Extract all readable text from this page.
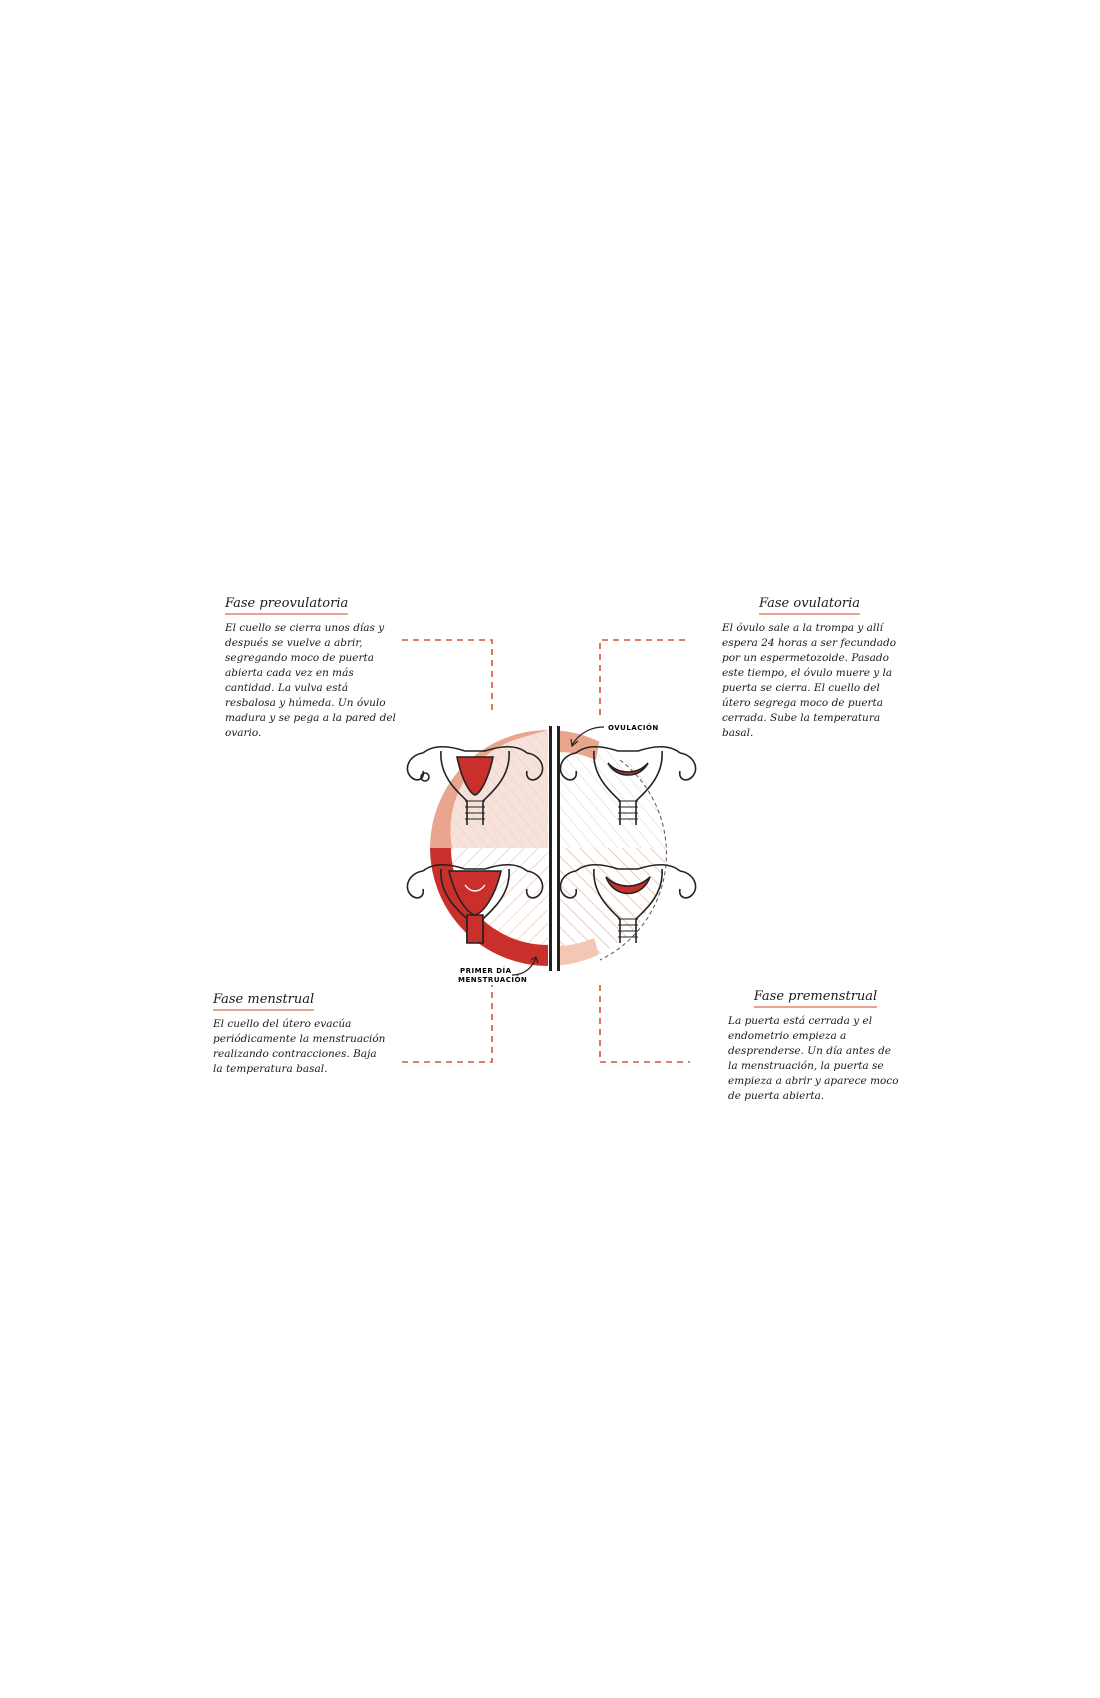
Fase preovulatoria
El cuello se cierra unos días y después se vuelve a abrir, segregando moco de puerta abierta cada vez en más cantidad. La vulva está resbalosa y húmeda. Un óvulo madura y se pega a la pared del ovario.
Fase ovulatoria
El óvulo sale a la trompa y allí espera 24 horas a ser fecundado por un espermetozoide. Pasado este tiempo, el óvulo muere y la puerta se cierra. El cuello del útero segrega moco de puerta cerrada. Sube la temperatura basal.
Fase menstrual
El cuello del útero evacúa periódicamente la menstruación realizando contracciones. Baja la temperatura basal.
Fase premenstrual
La puerta está cerrada y el endometrio empieza a desprenderse. Un día antes de la menstruación, la puerta se empieza a abrir y aparece moco de puerta abierta.
OVULACIÓN
PRIMER DÍA
MENSTRUACIÓN
